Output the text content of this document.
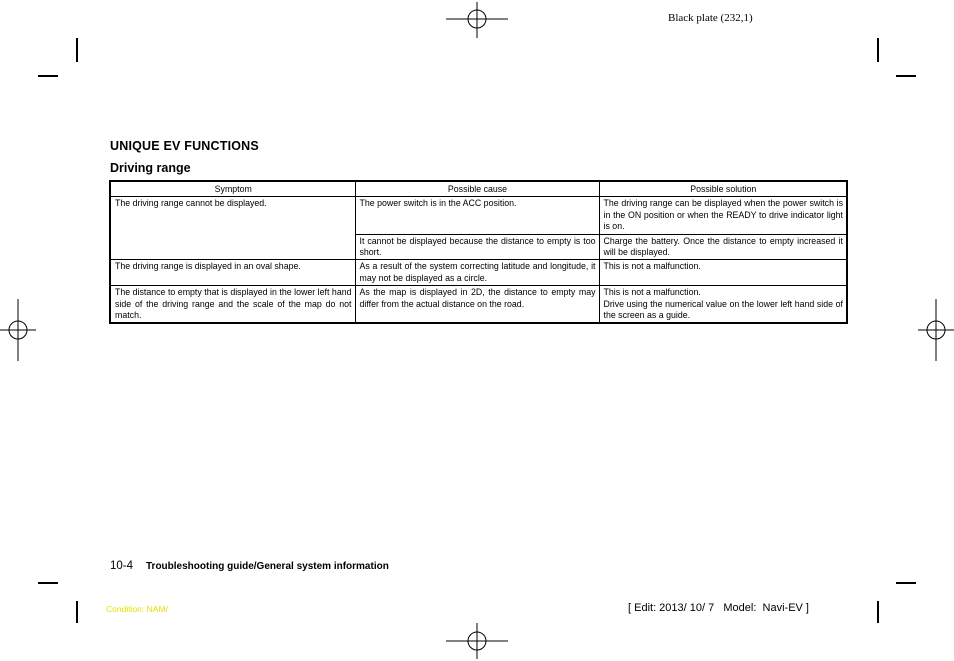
Black plate (232,1)
UNIQUE EV FUNCTIONS
Driving range
Symptom	Possible cause	Possible solution
The driving range cannot be displayed.	The power switch is in the ACC position.	The driving range can be displayed when the power switch is in the ON position or when the READY to drive indicator light is on.
	It cannot be displayed because the distance to empty is too short.	Charge the battery. Once the distance to empty increased it will be displayed.
The driving range is displayed in an oval shape.	As a result of the system correcting latitude and longitude, it may not be displayed as a circle.	This is not a malfunction.
The distance to empty that is displayed in the lower left hand side of the driving range and the scale of the map do not match.	As the map is displayed in 2D, the distance to empty may differ from the actual distance on the road.	This is not a malfunction.
Drive using the numerical value on the lower left hand side of the screen as a guide.
10-4 Troubleshooting guide/General system information
Condition: NAM/	[ Edit: 2013/ 10/ 7   Model:  Navi-EV ]
